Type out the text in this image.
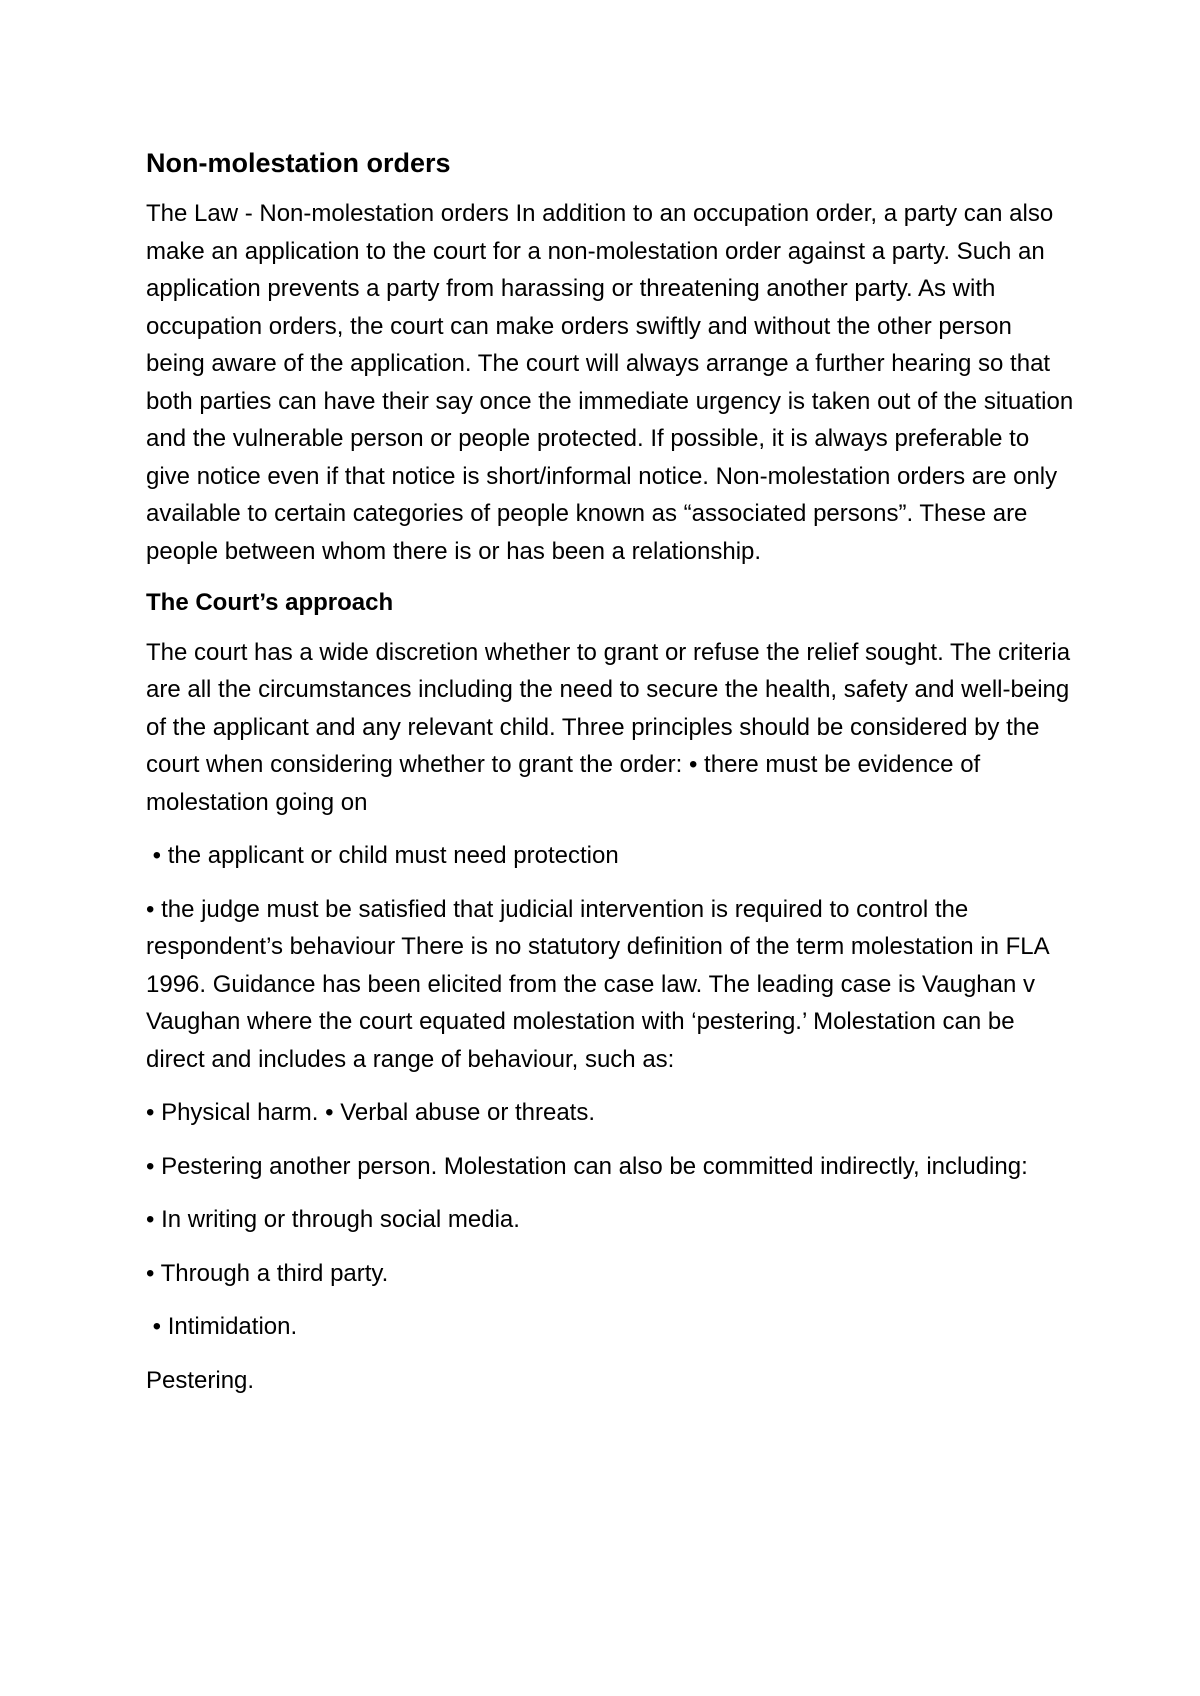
Non-molestation orders

The Law - Non-molestation orders In addition to an occupation order, a party can also make an application to the court for a non-molestation order against a party. Such an application prevents a party from harassing or threatening another party. As with occupation orders, the court can make orders swiftly and without the other person being aware of the application. The court will always arrange a further hearing so that both parties can have their say once the immediate urgency is taken out of the situation and the vulnerable person or people protected. If possible, it is always preferable to give notice even if that notice is short/informal notice. Non-molestation orders are only available to certain categories of people known as “associated persons”. These are people between whom there is or has been a relationship.

The Court’s approach

The court has a wide discretion whether to grant or refuse the relief sought. The criteria are all the circumstances including the need to secure the health, safety and well-being of the applicant and any relevant child. Three principles should be considered by the court when considering whether to grant the order: • there must be evidence of molestation going on

• the applicant or child must need protection

• the judge must be satisfied that judicial intervention is required to control the respondent’s behaviour There is no statutory definition of the term molestation in FLA 1996. Guidance has been elicited from the case law. The leading case is Vaughan v Vaughan where the court equated molestation with ‘pestering.’ Molestation can be direct and includes a range of behaviour, such as:

• Physical harm. • Verbal abuse or threats.

• Pestering another person. Molestation can also be committed indirectly, including:

• In writing or through social media.

• Through a third party.

• Intimidation.

Pestering.
